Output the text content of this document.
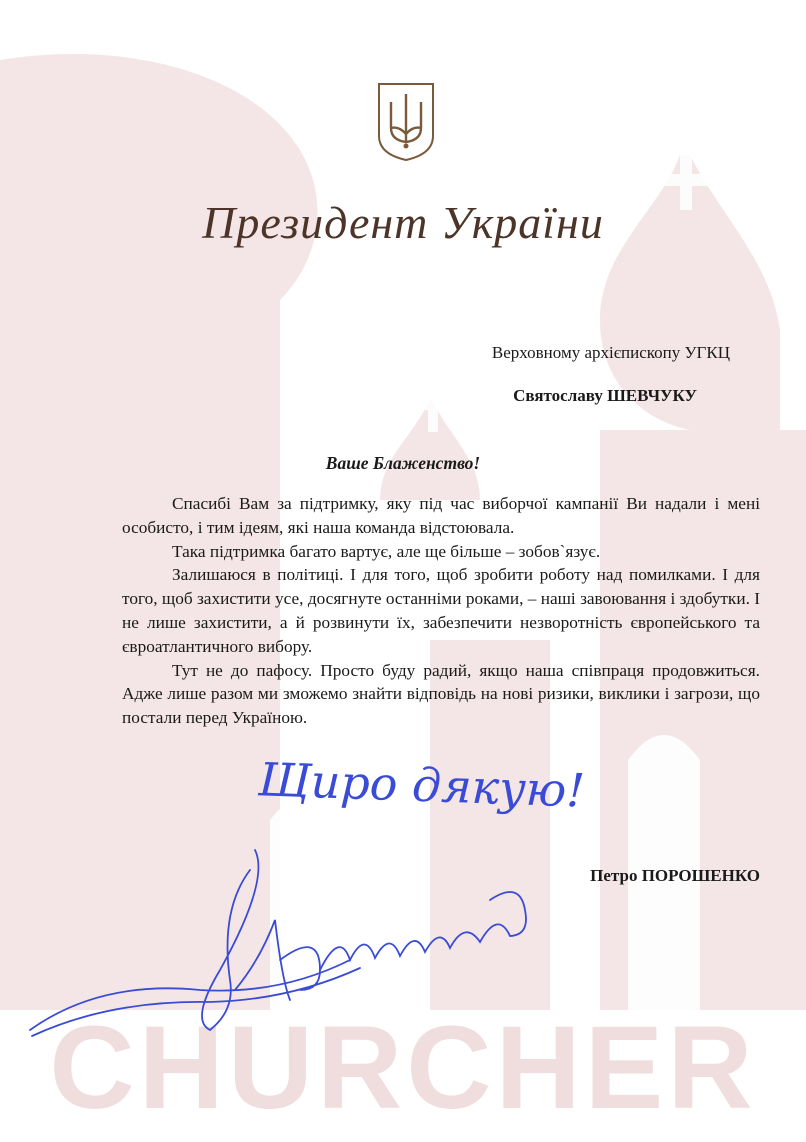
CHURCHER
Президент України
Верховному архієпископу УГКЦ
Святославу ШЕВЧУКУ
Ваше Блаженство!

Спасибі Вам за підтримку, яку під час виборчої кампанії Ви надали і мені особисто, і тим ідеям, які наша команда відстоювала.

Така підтримка багато вартує, але ще більше – зобов`язує.

Залишаюся в політиці. І для того, щоб зробити роботу над помилками. І для того, щоб захистити усе, досягнуте останніми роками, – наші завоювання і здобутки. І не лише захистити, а й розвинути їх, забезпечити незворотність європейського та євроатлантичного вибору.

Тут не до пафосу. Просто буду радий, якщо наша співпраця продовжиться. Адже лише разом ми зможемо знайти відповідь на нові ризики, виклики і загрози, що постали перед Україною.

Щиро дякую!
Петро ПОРОШЕНКО
